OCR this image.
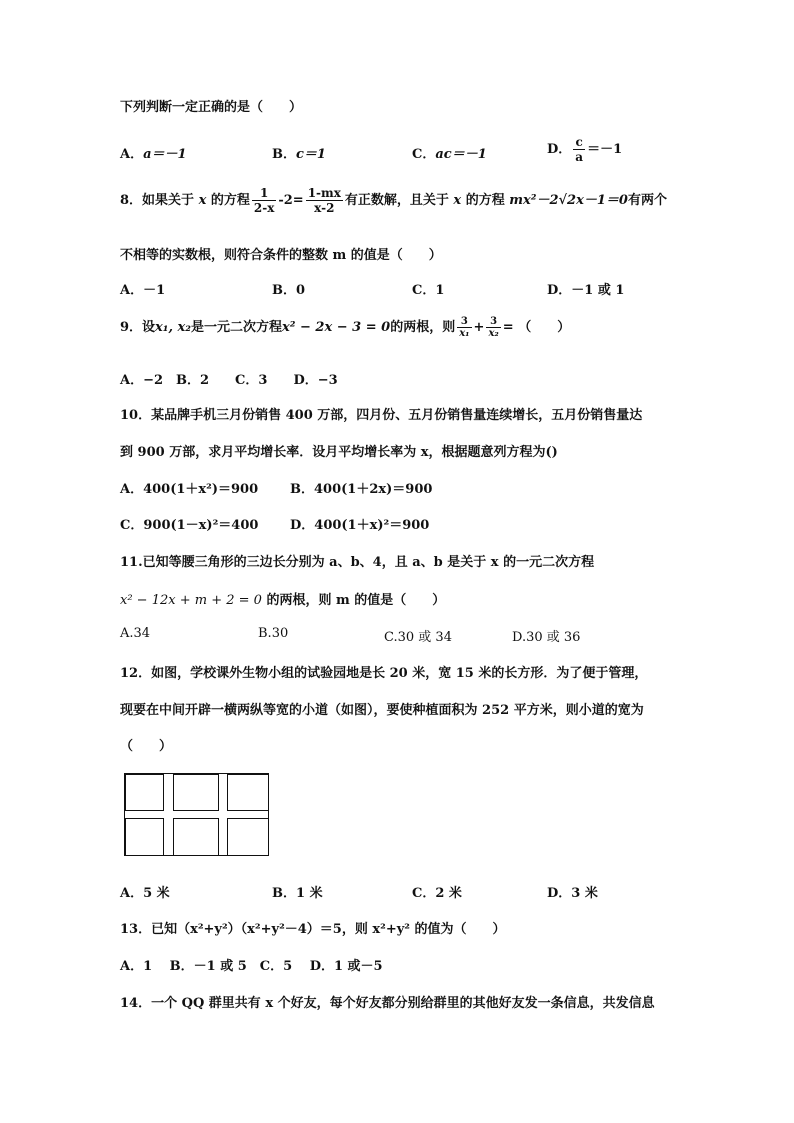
下列判断一定正确的是（　　）
A．a＝－1	B．c＝1	C．ac＝－1	D． $\frac{c}{a} =-1$
8．如果关于 x 的方程 $\frac{1}{2-x} -2= \frac{1-mx}{x-2}$ 有正数解，且关于 x 的方程 mx²－2√2x－1＝0有两个
不相等的实数根，则符合条件的整数 m 的值是（　　）
A．－1	B．0	C．1	D．－1 或 1
9．设x₁, x₂是一元二次方程x² − 2x − 3 = 0的两根，则 $\frac{3}{\text{x₁}} + \frac{3}{\text{x₂}}$ = （　　）
A．−2　B．2　　C．3　　D．−3
10．某品牌手机三月份销售 400 万部，四月份、五月份销售量连续增长，五月份销售量达
到 900 万部，求月平均增长率．设月平均增长率为 x，根据题意列方程为()
A．400(1＋x²)＝900 B．400(1＋2x)＝900
C．900(1－x)²＝400 D．400(1＋x)²＝900
11.已知等腰三角形的三边长分别为 a、b、4，且 a、b 是关于 x 的一元二次方程
x² − 12x + m + 2 = 0 的两根，则 m 的值是（　　）
A.34	B.30	C.30 或 34	D.30 或 36
12．如图，学校课外生物小组的试验园地是长 20 米，宽 15 米的长方形．为了便于管理，
现要在中间开辟一横两纵等宽的小道（如图），要使种植面积为 252 平方米，则小道的宽为
（　　）
A．5 米	B．1 米	C．2 米	D．3 米
13．已知（x²+y²）（x²+y²－4）＝5，则 x²+y² 的值为（　　）
A．1　 B．－1 或 5　C．5　 D．1 或－5
14．一个 QQ 群里共有 x 个好友，每个好友都分别给群里的其他好友发一条信息，共发信息
